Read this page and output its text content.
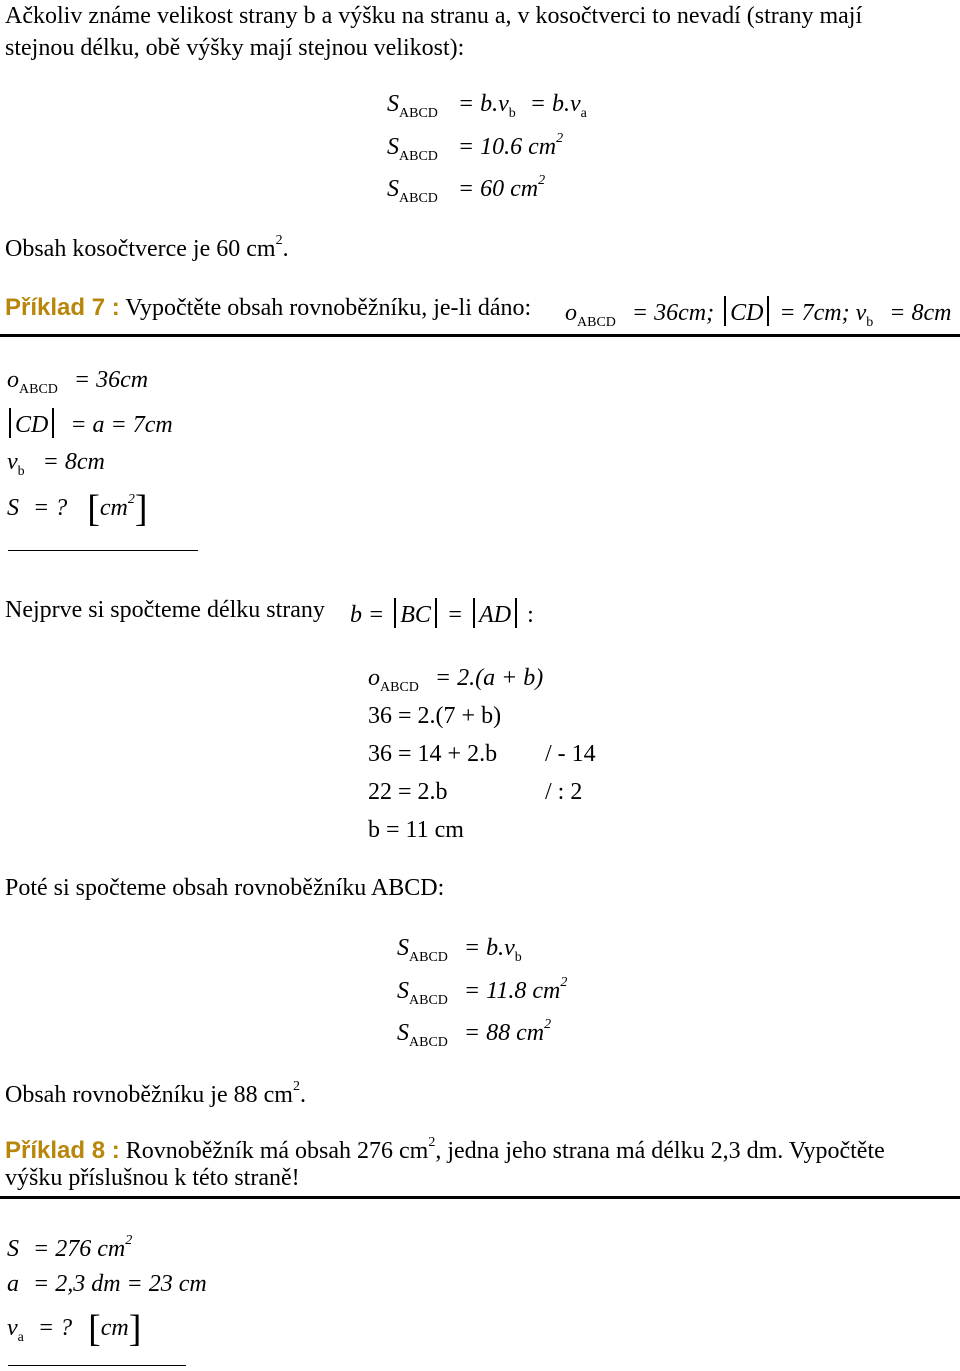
Ačkoliv známe velikost strany b a výšku na stranu a, v kosočtverci to nevadí (strany mají
stejnou délku, obě výšky mají stejnou velikost):
$S_{ABCD} = b.v_b = b.v_a$
$S_{ABCD} = 10.6$ $cm^2$
$S_{ABCD} = 60$ $cm^2$
Obsah kosočtverce je 60 $cm^2$.
Příklad 7 : Vypočtěte obsah rovnoběžníku, je-li dáno: $o_{ABCD} = 36cm$; CD = 7cm; $v_b = 8cm$
$o_{ABCD} = 36cm$
CD = a = 7cm
$v_b = 8cm$
S = ? $[cm^2]$
Nejprve si spočteme délku strany b = BC = AD :
$o_{ABCD} = 2.(a + b)$
36 = 2.(7 + b)
36 = 14 + 2.b / - 14
22 = 2.b	/ : 2
b = 11 cm
Poté si spočteme obsah rovnoběžníku ABCD:
$S_{ABCD} = b.v_b$
$S_{ABCD} = 11.8$ $cm^2$
$S_{ABCD} = 88$ $cm^2$
Obsah rovnoběžníku je 88 $cm^2$.
Příklad 8 : Rovnoběžník má obsah 276 $cm^2$, jedna jeho strana má délku 2,3 dm. Vypočtěte
výšku příslušnou k této straně!
S = 276 $cm^2$
a = 2,3 dm = 23 cm
$v_a$ = ? [cm]
